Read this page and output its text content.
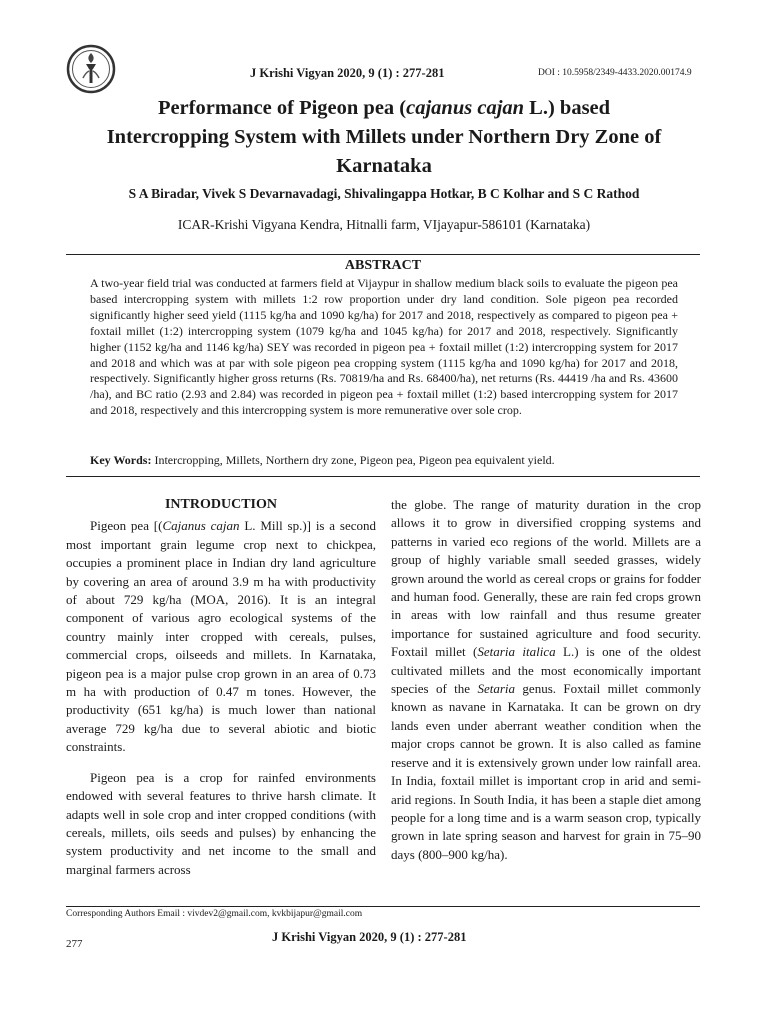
J Krishi Vigyan 2020, 9 (1) : 277-281	DOI : 10.5958/2349-4433.2020.00174.9
Performance of Pigeon pea (cajanus cajan L.) based
Intercropping System with Millets under Northern Dry Zone of
Karnataka
S A Biradar, Vivek S Devarnavadagi, Shivalingappa Hotkar, B C Kolhar and S C Rathod
ICAR-Krishi Vigyana Kendra, Hitnalli farm, VIjayapur-586101 (Karnataka)
ABSTRACT
A two-year field trial was conducted at farmers field at Vijaypur in shallow medium black soils to evaluate the pigeon pea based intercropping system with millets 1:2 row proportion under dry land condition. Sole pigeon pea recorded significantly higher seed yield (1115 kg/ha and 1090 kg/ha) for 2017 and 2018, respectively as compared to pigeon pea + foxtail millet (1:2) intercropping system (1079 kg/ha and 1045 kg/ha) for 2017 and 2018, respectively. Significantly higher (1152 kg/ha and 1146 kg/ha) SEY was recorded in pigeon pea + foxtail millet (1:2) intercropping system for 2017 and 2018 and which was at par with sole pigeon pea cropping system (1115 kg/ha and 1090 kg/ha) for 2017 and 2018, respectively. Significantly higher gross returns (Rs. 70819/ha and Rs. 68400/ha), net returns (Rs. 44419 /ha and Rs. 43600 /ha), and BC ratio (2.93 and 2.84) was recorded in pigeon pea + foxtail millet (1:2) based intercropping system for 2017 and 2018, respectively and this intercropping system is more remunerative over sole crop.
Key Words: Intercropping, Millets, Northern dry zone, Pigeon pea, Pigeon pea equivalent yield.
INTRODUCTION

Pigeon pea [(Cajanus cajan L. Mill sp.)] is a second most important grain legume crop next to chickpea, occupies a prominent place in Indian dry land agriculture by covering an area of around 3.9 m ha with productivity of about 729 kg/ha (MOA, 2016). It is an integral component of various agro ecological systems of the country mainly inter cropped with cereals, pulses, commercial crops, oilseeds and millets. In Karnataka, pigeon pea is a major pulse crop grown in an area of 0.73 m ha with production of 0.47 m tones. However, the productivity (651 kg/ha) is much lower than national average 729 kg/ha due to several abiotic and biotic constraints.

Pigeon pea is a crop for rainfed environments endowed with several features to thrive harsh climate. It adapts well in sole crop and inter cropped conditions (with cereals, millets, oils seeds and pulses) by enhancing the system productivity and net income to the small and marginal farmers across

the globe. The range of maturity duration in the crop allows it to grow in diversified cropping systems and patterns in varied eco regions of the world. Millets are a group of highly variable small seeded grasses, widely grown around the world as cereal crops or grains for fodder and human food. Generally, these are rain fed crops grown in areas with low rainfall and thus resume greater importance for sustained agriculture and food security. Foxtail millet (Setaria italica L.) is one of the oldest cultivated millets and the most economically important species of the Setaria genus. Foxtail millet commonly known as navane in Karnataka. It can be grown on dry lands even under aberrant weather condition when the major crops cannot be grown. It is also called as famine reserve and it is extensively grown under low rainfall area. In India, foxtail millet is important crop in arid and semi-arid regions. In South India, it has been a staple diet among people for a long time and is a warm season crop, typically grown in late spring season and harvest for grain in 75–90 days (800–900 kg/ha).

Corresponding Authors Email : vivdev2@gmail.com, kvkbijapur@gmail.com
J Krishi Vigyan 2020, 9 (1) : 277-281
277
